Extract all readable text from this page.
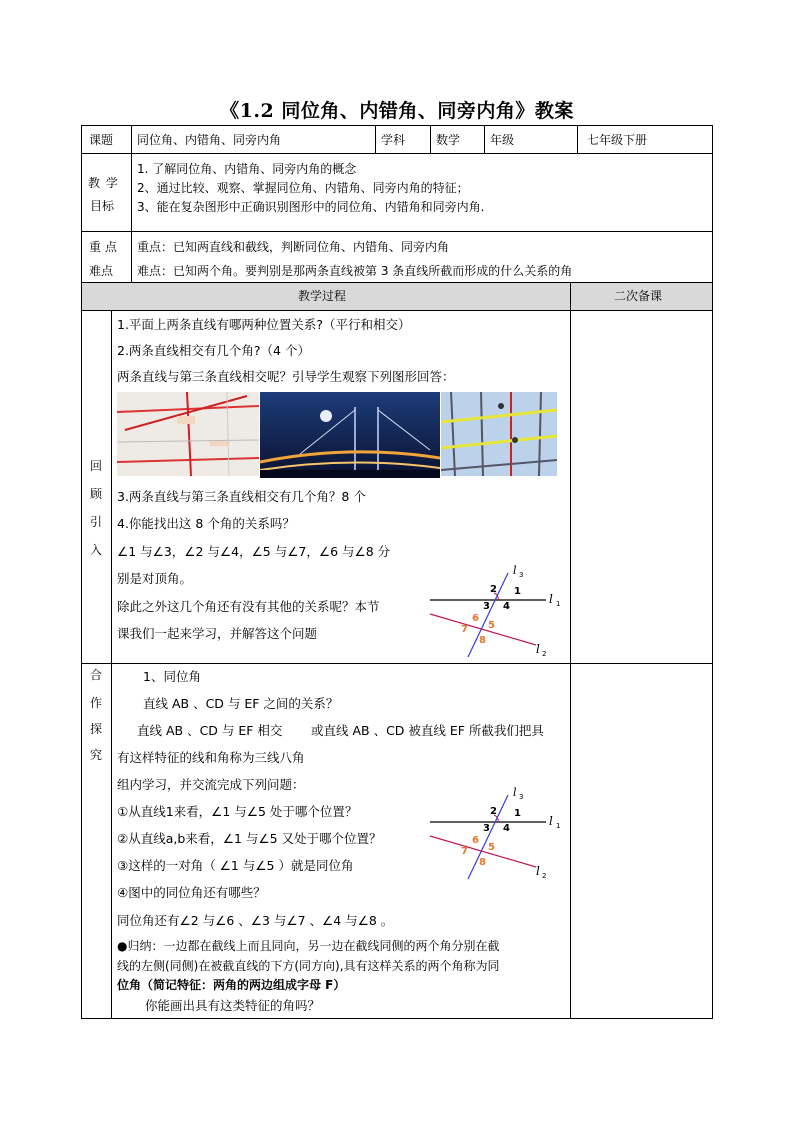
《1.2 同位角、内错角、同旁内角》教案
课题 同位角、内错角、同旁内角	学科	数学 年级	七年级下册
教 学
目标
1. 了解同位角、内错角、同旁内角的概念
2、通过比较、观察、掌握同位角、内错角、同旁内角的特征；
3、能在复杂图形中正确识别图形中的同位角、内错角和同旁内角.
重 点
难点
重点：已知两直线和截线，判断同位角、内错角、同旁内角
难点：已知两个角。要判别是那两条直线被第 3 条直线所截而形成的什么关系的角
教学过程	二次备课
回
顾
引
入
1.平面上两条直线有哪两种位置关系?（平行和相交）
2.两条直线相交有几个角?（4 个）
两条直线与第三条直线相交呢？引导学生观察下列图形回答：
3.两条直线与第三条直线相交有几个角？8 个
4.你能找出这 8 个角的关系吗？
∠1 与∠3，∠2 与∠4，∠5 与∠7，∠6 与∠8 分
别是对顶角。
除此之外这几个角还有没有其他的关系呢？本节
课我们一起来学习，并解答这个问题
l 3
l 1
l 2
1
2
3 4
5
6
7
8
合
作
探
究
1、同位角
直线 AB 、CD 与 EF 之间的关系？
直线 AB 、CD 与 EF 相交 或直线 AB 、CD 被直线 EF 所截我们把具
有这样特征的线和角称为三线八角
组内学习，并交流完成下列问题：
①从直线1来看，∠1 与∠5 处于哪个位置？
②从直线a,b来看，∠1 与∠5 又处于哪个位置？
③这样的一对角（ ∠1 与∠5 ）就是同位角
④图中的同位角还有哪些？
同位角还有∠2 与∠6 、∠3 与∠7 、∠4 与∠8 。
●归纳：一边都在截线上而且同向，另一边在截线同侧的两个角分别在截
线的左侧(同侧)在被截直线的下方(同方向),具有这样关系的两个角称为同
位角（简记特征：两角的两边组成字母 F）
你能画出具有这类特征的角吗？
l 3
l 1
l 2
1
2
3 4
5
6
7
8
